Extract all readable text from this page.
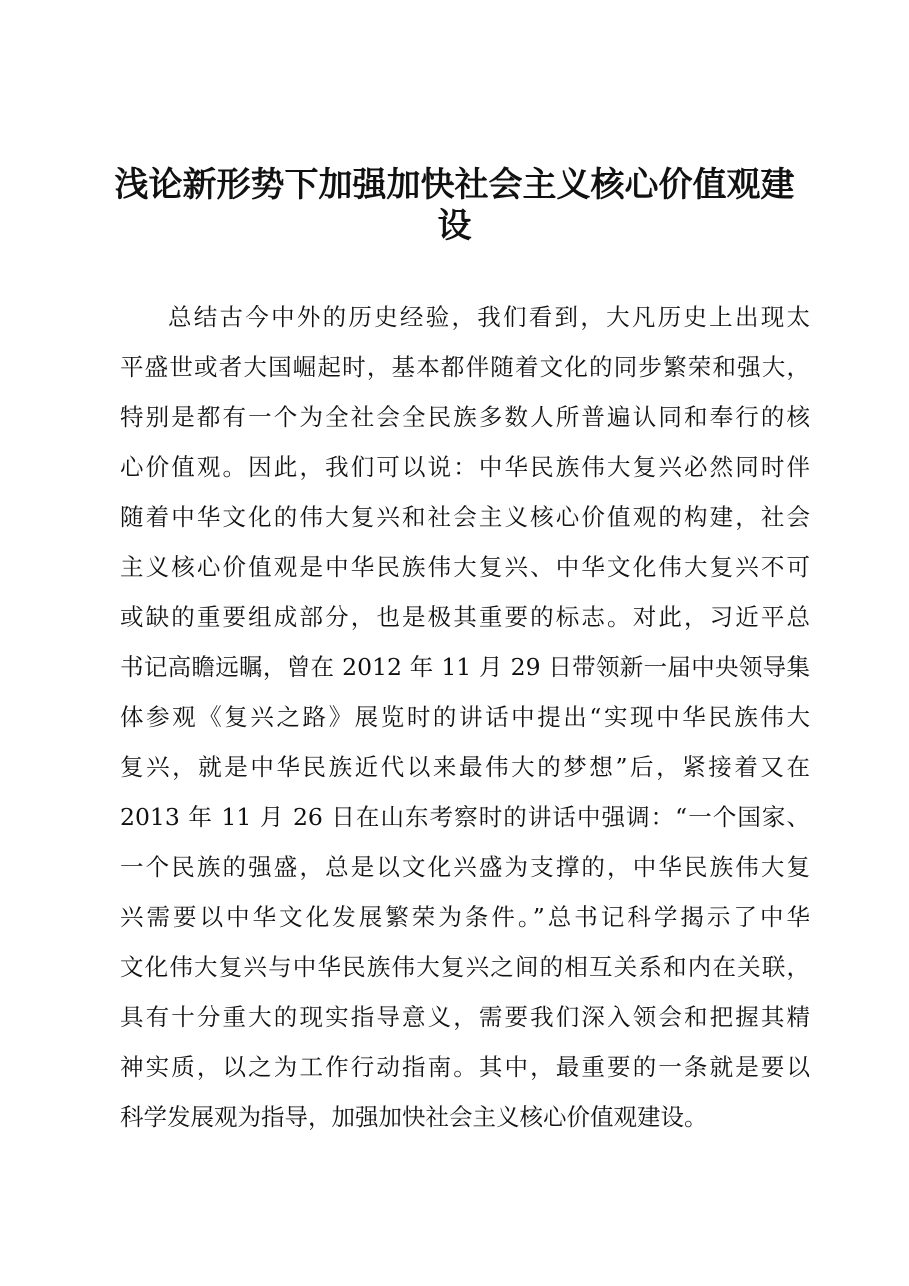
浅论新形势下加强加快社会主义核心价值观建
设

总结古今中外的历史经验，我们看到，大凡历史上出现太

平盛世或者大国崛起时，基本都伴随着文化的同步繁荣和强大，

特别是都有一个为全社会全民族多数人所普遍认同和奉行的核

心价值观。因此，我们可以说：中华民族伟大复兴必然同时伴

随着中华文化的伟大复兴和社会主义核心价值观的构建，社会

主义核心价值观是中华民族伟大复兴、中华文化伟大复兴不可

或缺的重要组成部分，也是极其重要的标志。对此，习近平总

书记高瞻远瞩，曾在 2012 年 11 月 29 日带领新一届中央领导集

体参观《复兴之路》展览时的讲话中提出“实现中华民族伟大

复兴，就是中华民族近代以来最伟大的梦想”后，紧接着又在

2013 年 11 月 26 日在山东考察时的讲话中强调：“一个国家、

一个民族的强盛，总是以文化兴盛为支撑的，中华民族伟大复

兴需要以中华文化发展繁荣为条件。”总书记科学揭示了中华

文化伟大复兴与中华民族伟大复兴之间的相互关系和内在关联，

具有十分重大的现实指导意义，需要我们深入领会和把握其精

神实质，以之为工作行动指南。其中，最重要的一条就是要以

科学发展观为指导，加强加快社会主义核心价值观建设。
